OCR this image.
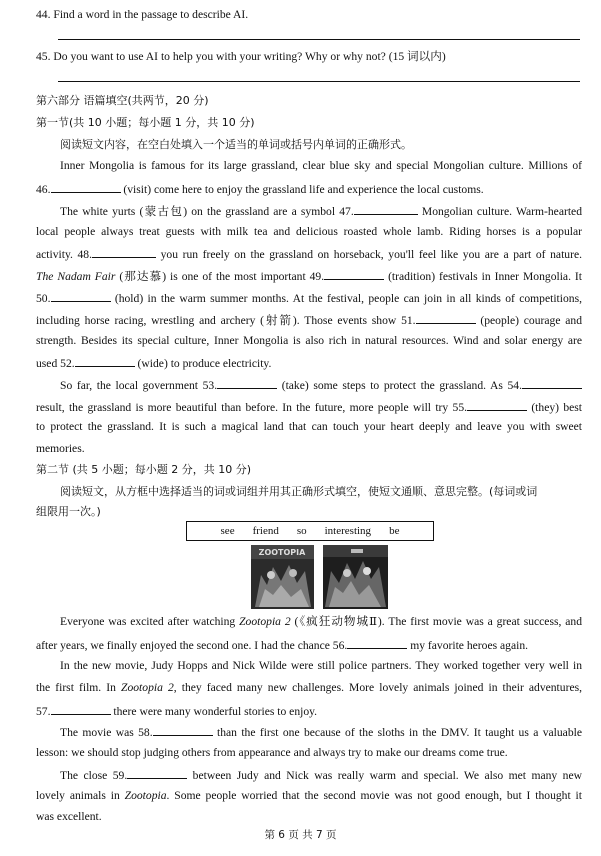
44. Find a word in the passage to describe AI.
45. Do you want to use AI to help you with your writing? Why or why not? (15 词以内)
第六部分 语篇填空(共两节，20 分)
第一节(共 10 小题；每小题 1 分，共 10 分)
阅读短文内容，在空白处填入一个适当的单词或括号内单词的正确形式。
Inner Mongolia is famous for its large grassland, clear blue sky and special Mongolian culture. Millions of
46.	(visit) come here to enjoy the grassland life and experience the local customs.
The white yurts (蒙古包) on the grassland are a symbol 47.	Mongolian culture. Warm-hearted
local people always treat guests with milk tea and delicious roasted whole lamb. Riding horses is a popular
activity. 48.	you run freely on the grassland on horseback, you'll feel like you are a part of nature.
The Nadam Fair (那达慕) is one of the most important 49.	(tradition) festivals in Inner Mongolia. It
50.	(hold) in the warm summer months. At the festival, people can join in all kinds of competitions,
including horse racing, wrestling and archery (射箭). Those events show 51.	(people) courage and
strength. Besides its special culture, Inner Mongolia is also rich in natural resources. Wind and solar energy are
used 52.	(wide) to produce electricity.
So far, the local government 53.	(take) some steps to protect the grassland. As 54.
result, the grassland is more beautiful than before. In the future, more people will try 55.	(they) best
to protect the grassland. It is such a magical land that can touch your heart deeply and leave you with sweet
memories.
第二节 (共 5 小题；每小题 2 分，共 10 分)
阅读短文，从方框中选择适当的词或词组并用其正确形式填空，使短文通顺、意思完整。(每词或词
组限用一次。)
see friend so interesting be
ZOOTOPIA
Everyone was excited after watching Zootopia 2 (《疯狂动物城Ⅱ). The first movie was a great success, and
after years, we finally enjoyed the second one. I had the chance 56.	my favorite heroes again.
In the new movie, Judy Hopps and Nick Wilde were still police partners. They worked together very well in
the first film. In Zootopia 2, they faced many new challenges. More lovely animals joined in their adventures,
57.	there were many wonderful stories to enjoy.
The movie was 58.	than the first one because of the sloths in the DMV. It taught us a valuable
lesson: we should stop judging others from appearance and always try to make our dreams come true.
The close 59.	between Judy and Nick was really warm and special. We also met many new
lovely animals in Zootopia. Some people worried that the second movie was not good enough, but I thought it
was excellent.
第 6 页 共 7 页
